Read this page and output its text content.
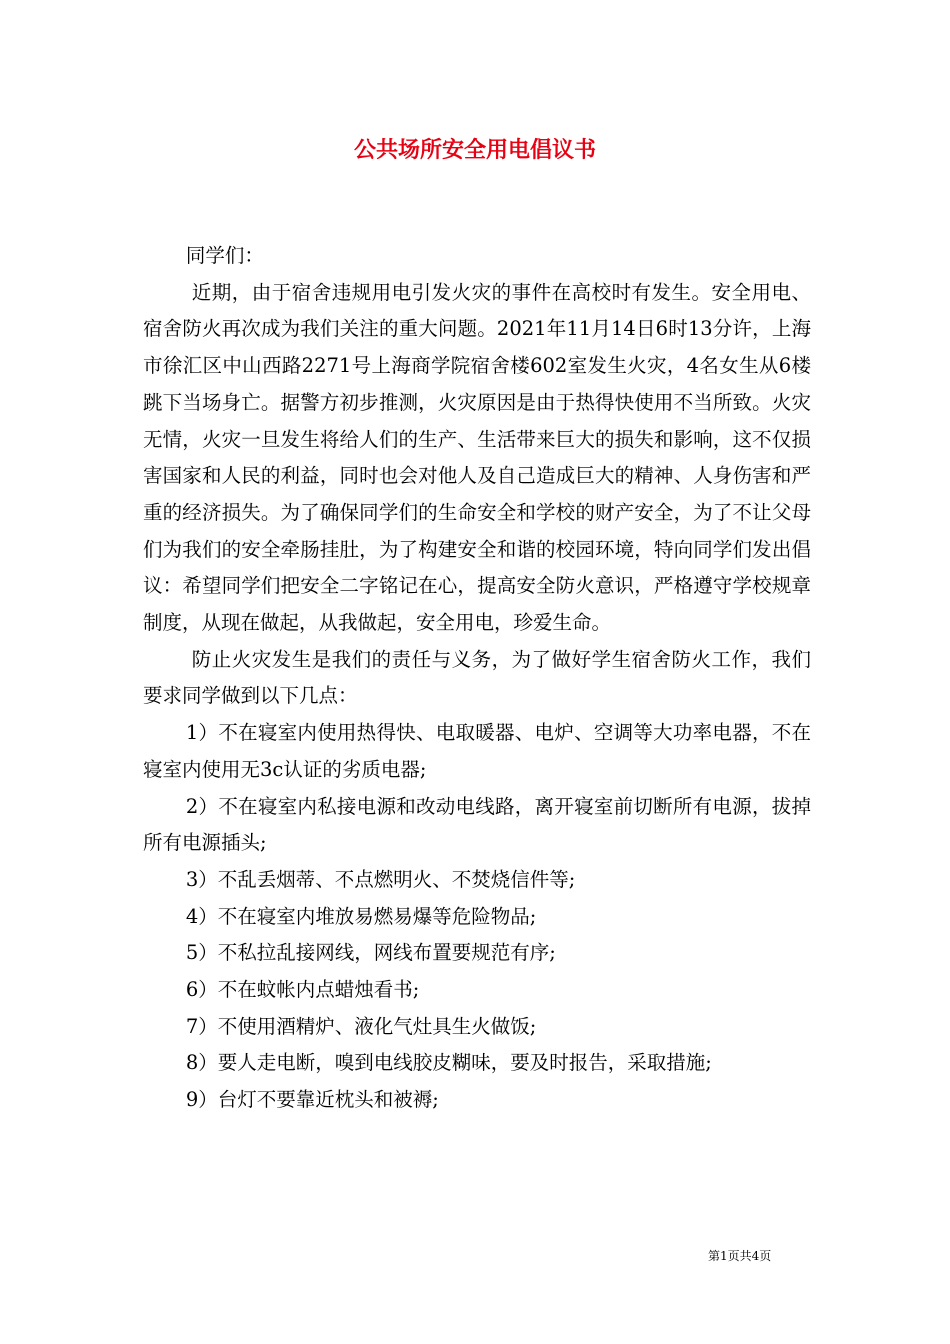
公共场所安全用电倡议书

同学们：

近期，由于宿舍违规用电引发火灾的事件在高校时有发生。安全用电、宿舍防火再次成为我们关注的重大问题。2021年11月14日6时13分许，上海市徐汇区中山西路2271号上海商学院宿舍楼602室发生火灾，4名女生从6楼跳下当场身亡。据警方初步推测，火灾原因是由于热得快使用不当所致。火灾无情，火灾一旦发生将给人们的生产、生活带来巨大的损失和影响，这不仅损害国家和人民的利益，同时也会对他人及自己造成巨大的精神、人身伤害和严重的经济损失。为了确保同学们的生命安全和学校的财产安全，为了不让父母们为我们的安全牵肠挂肚，为了构建安全和谐的校园环境，特向同学们发出倡议：希望同学们把安全二字铭记在心，提高安全防火意识，严格遵守学校规章制度，从现在做起，从我做起，安全用电，珍爱生命。

防止火灾发生是我们的责任与义务，为了做好学生宿舍防火工作，我们要求同学做到以下几点：

1）不在寝室内使用热得快、电取暖器、电炉、空调等大功率电器，不在寝室内使用无3c认证的劣质电器;

2）不在寝室内私接电源和改动电线路，离开寝室前切断所有电源，拔掉所有电源插头;

3）不乱丢烟蒂、不点燃明火、不焚烧信件等;

4）不在寝室内堆放易燃易爆等危险物品;

5）不私拉乱接网线，网线布置要规范有序;

6）不在蚊帐内点蜡烛看书;

7）不使用酒精炉、液化气灶具生火做饭;

8）要人走电断，嗅到电线胶皮糊味，要及时报告，采取措施;

9）台灯不要靠近枕头和被褥;

第1页共4页
